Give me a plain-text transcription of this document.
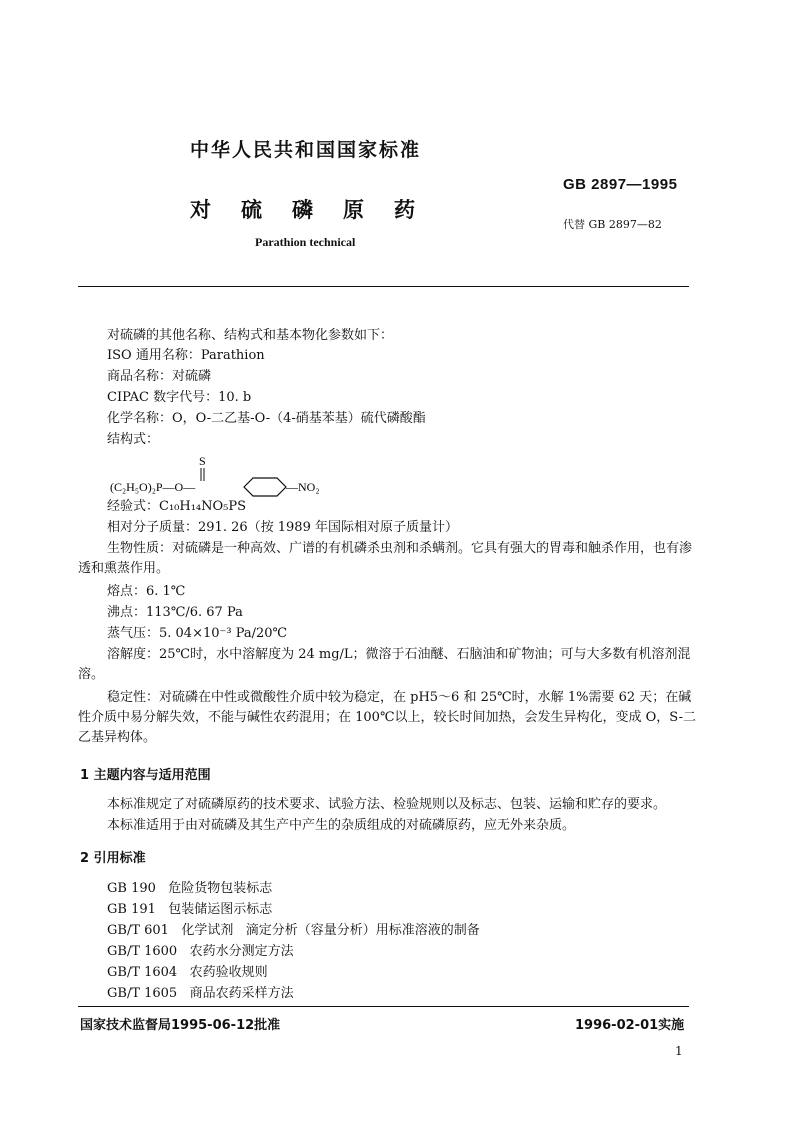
中华人民共和国国家标准
对硫磷原药
Parathion technical
GB 2897—1995
代替 GB 2897—82
对硫磷的其他名称、结构式和基本物化参数如下：
ISO 通用名称：Parathion
商品名称：对硫磷
CIPAC 数字代号：10. b
化学名称：O，O-二乙基-O-（4-硝基苯基）硫代磷酸酯
结构式：
S
(C₂H₅O)₂P—O—	—NO₂
经验式：C₁₀H₁₄NO₅PS
相对分子质量：291. 26（按 1989 年国际相对原子质量计）
生物性质：对硫磷是一种高效、广谱的有机磷杀虫剂和杀螨剂。它具有强大的胃毒和触杀作用，也有渗透和熏蒸作用。
熔点：6. 1℃
沸点：113℃/6. 67 Pa
蒸气压：5. 04×10⁻³ Pa/20℃
溶解度：25℃时，水中溶解度为 24 mg/L；微溶于石油醚、石脑油和矿物油；可与大多数有机溶剂混溶。
稳定性：对硫磷在中性或微酸性介质中较为稳定，在 pH5～6 和 25℃时，水解 1%需要 62 天；在碱性介质中易分解失效，不能与碱性农药混用；在 100℃以上，较长时间加热，会发生异构化，变成 O，S-二乙基异构体。
1 主题内容与适用范围
本标准规定了对硫磷原药的技术要求、试验方法、检验规则以及标志、包装、运输和贮存的要求。
本标准适用于由对硫磷及其生产中产生的杂质组成的对硫磷原药，应无外来杂质。
2 引用标准
GB 190   危险货物包装标志
GB 191   包装储运图示标志
GB/T 601   化学试剂   滴定分析（容量分析）用标准溶液的制备
GB/T 1600   农药水分测定方法
GB/T 1604   农药验收规则
GB/T 1605   商品农药采样方法
国家技术监督局1995-06-12批准	1996-02-01实施
1
